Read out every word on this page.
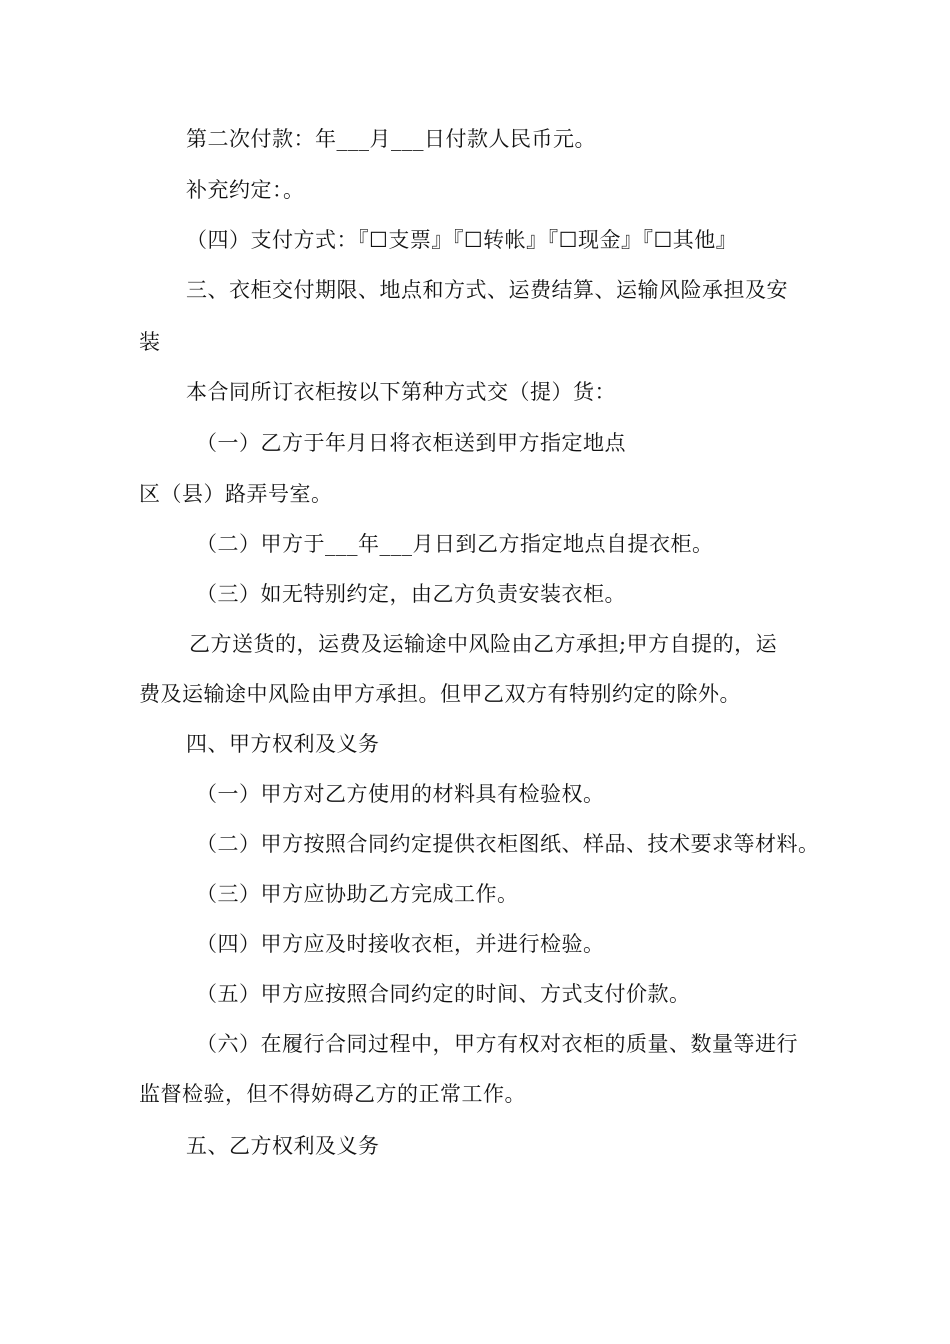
第二次付款：年___月___日付款人民币元。
补充约定：。
（四）支付方式：『☐支票』『☐转帐』『☐现金』『☐其他』
三、衣柜交付期限、地点和方式、运费结算、运输风险承担及安
装
本合同所订衣柜按以下第种方式交（提）货：
（一）乙方于年月日将衣柜送到甲方指定地点
区（县）路弄号室。
（二）甲方于___年___月日到乙方指定地点自提衣柜。
（三）如无特别约定，由乙方负责安装衣柜。
乙方送货的，运费及运输途中风险由乙方承担;甲方自提的，运
费及运输途中风险由甲方承担。但甲乙双方有特别约定的除外。
四、甲方权利及义务
（一）甲方对乙方使用的材料具有检验权。
（二）甲方按照合同约定提供衣柜图纸、样品、技术要求等材料。
（三）甲方应协助乙方完成工作。
（四）甲方应及时接收衣柜，并进行检验。
（五）甲方应按照合同约定的时间、方式支付价款。
（六）在履行合同过程中，甲方有权对衣柜的质量、数量等进行
监督检验，但不得妨碍乙方的正常工作。
五、乙方权利及义务
